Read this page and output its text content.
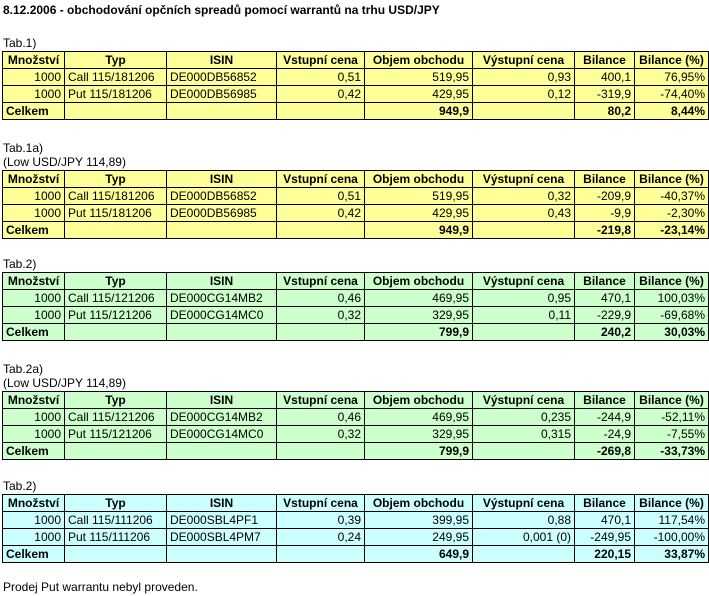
8.12.2006 - obchodování opčních spreadů pomocí warrantů na trhu USD/JPY
Tab.1)
Množství	Typ	ISIN	Vstupní cena	Objem obchodu	Výstupní cena	Bilance	Bilance (%)
1000	Call 115/181206	DE000DB56852	0,51	519,95	0,93	400,1	76,95%
1000	Put 115/181206	DE000DB56985	0,42	429,95	0,12	-319,9	-74,40%
Celkem				949,9		80,2	8,44%
Tab.1a)
(Low USD/JPY 114,89)
Množství	Typ	ISIN	Vstupní cena	Objem obchodu	Výstupní cena	Bilance	Bilance (%)
1000	Call 115/181206	DE000DB56852	0,51	519,95	0,32	-209,9	-40,37%
1000	Put 115/181206	DE000DB56985	0,42	429,95	0,43	-9,9	-2,30%
Celkem				949,9		-219,8	-23,14%
Tab.2)
Množství	Typ	ISIN	Vstupní cena	Objem obchodu	Výstupní cena	Bilance	Bilance (%)
1000	Call 115/121206	DE000CG14MB2	0,46	469,95	0,95	470,1	100,03%
1000	Put 115/121206	DE000CG14MC0	0,32	329,95	0,11	-229,9	-69,68%
Celkem				799,9		240,2	30,03%
Tab.2a)
(Low USD/JPY 114,89)
Množství	Typ	ISIN	Vstupní cena	Objem obchodu	Výstupní cena	Bilance	Bilance (%)
1000	Call 115/121206	DE000CG14MB2	0,46	469,95	0,235	-244,9	-52,11%
1000	Put 115/121206	DE000CG14MC0	0,32	329,95	0,315	-24,9	-7,55%
Celkem				799,9		-269,8	-33,73%
Tab.2)
Množství	Typ	ISIN	Vstupní cena	Objem obchodu	Výstupní cena	Bilance	Bilance (%)
1000	Call 115/111206	DE000SBL4PF1	0,39	399,95	0,88	470,1	117,54%
1000	Put 115/111206	DE000SBL4PM7	0,24	249,95	0,001 (0)	-249,95	-100,00%
Celkem				649,9		220,15	33,87%
Prodej Put warrantu nebyl proveden.
